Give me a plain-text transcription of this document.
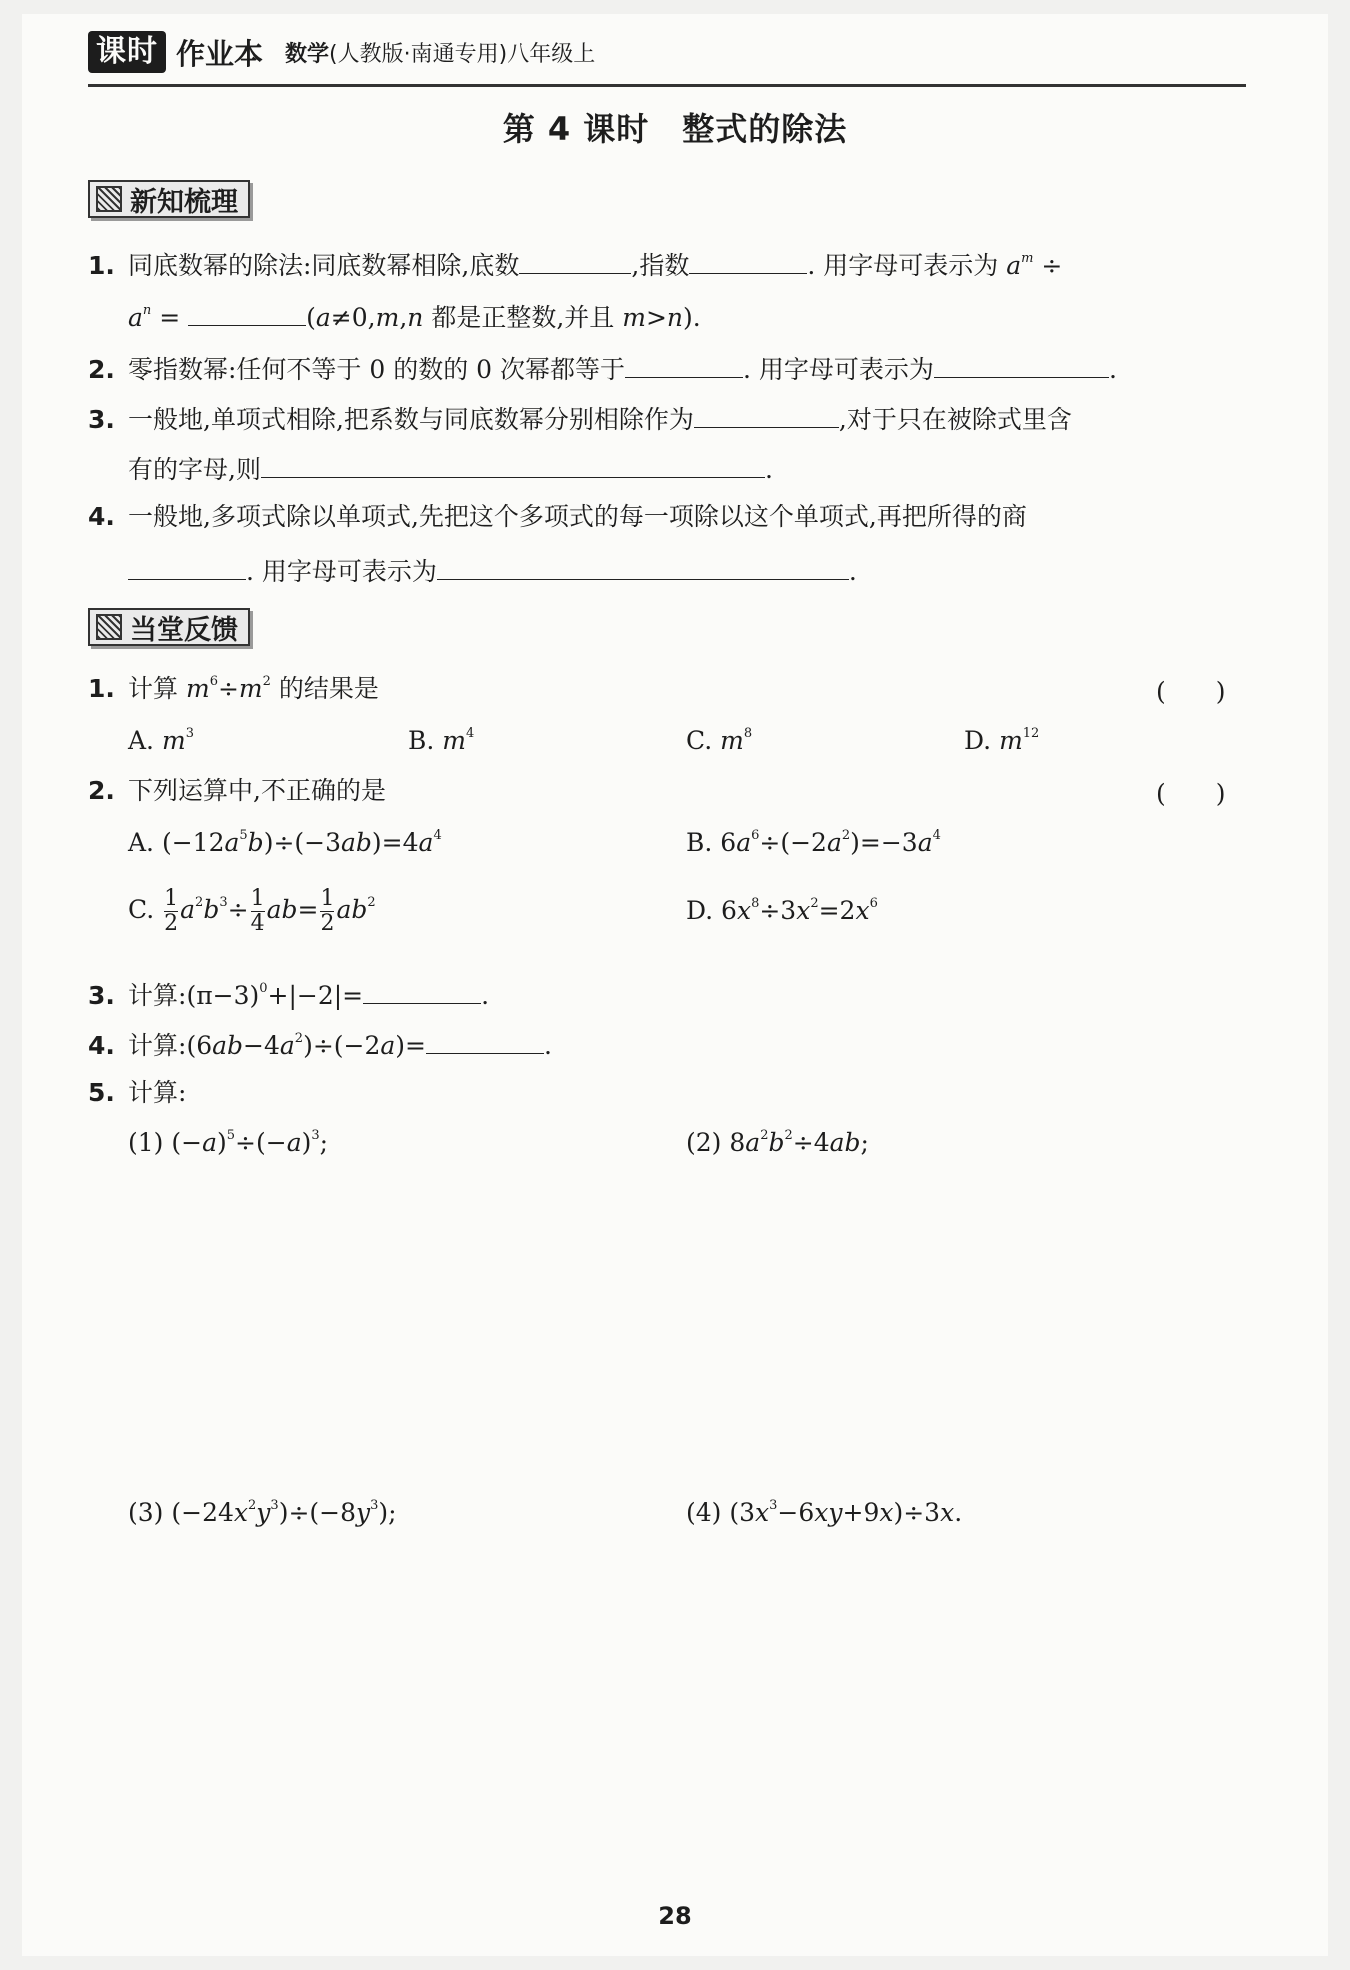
课时 作业本 数学(人教版·南通专用)八年级上
第 4 课时　整式的除法
新知梳理
1. 同底数幂的除法:同底数幂相除,底数	,指数	. 用字母可表示为 $a^m$ ÷
$a^n$ =	(a≠0,m,n 都是正整数,并且 m>n).
2. 零指数幂:任何不等于 0 的数的 0 次幂都等于	. 用字母可表示为	.
3. 一般地,单项式相除,把系数与同底数幂分别相除作为	,对于只在被除式里含
有的字母,则	.
4. 一般地,多项式除以单项式,先把这个多项式的每一项除以这个单项式,再把所得的商
. 用字母可表示为	.
当堂反馈
1. 计算 $m^6\div m^2$ 的结果是	(　　)
A. $m^3$	B. $m^4$	C. $m^8$	D. $m^{12}$
2. 下列运算中,不正确的是	(　　)
A. $(-12a^5b)\div(-3ab)=4a^4$	B. $6a^6\div(-2a^2)=-3a^4$
C. $\frac{1}{2} a^2b^3\div \frac{1}{4} ab= \frac{1}{2} ab^2$	D. $6x^8\div 3x^2=2x^6$
3. 计算$:(\pi-3)^0+|-2|=$	.
4. 计算$:(6ab-4a^2)\div(-2a)=$	.
5. 计算:
(1) $(-a)^5\div(-a)^3$;	(2) $8a^2b^2\div 4ab$;
(3) $(-24x^2y^3)\div(-8y^3)$;	(4) $(3x^3-6xy+9x)\div 3x$.
28
